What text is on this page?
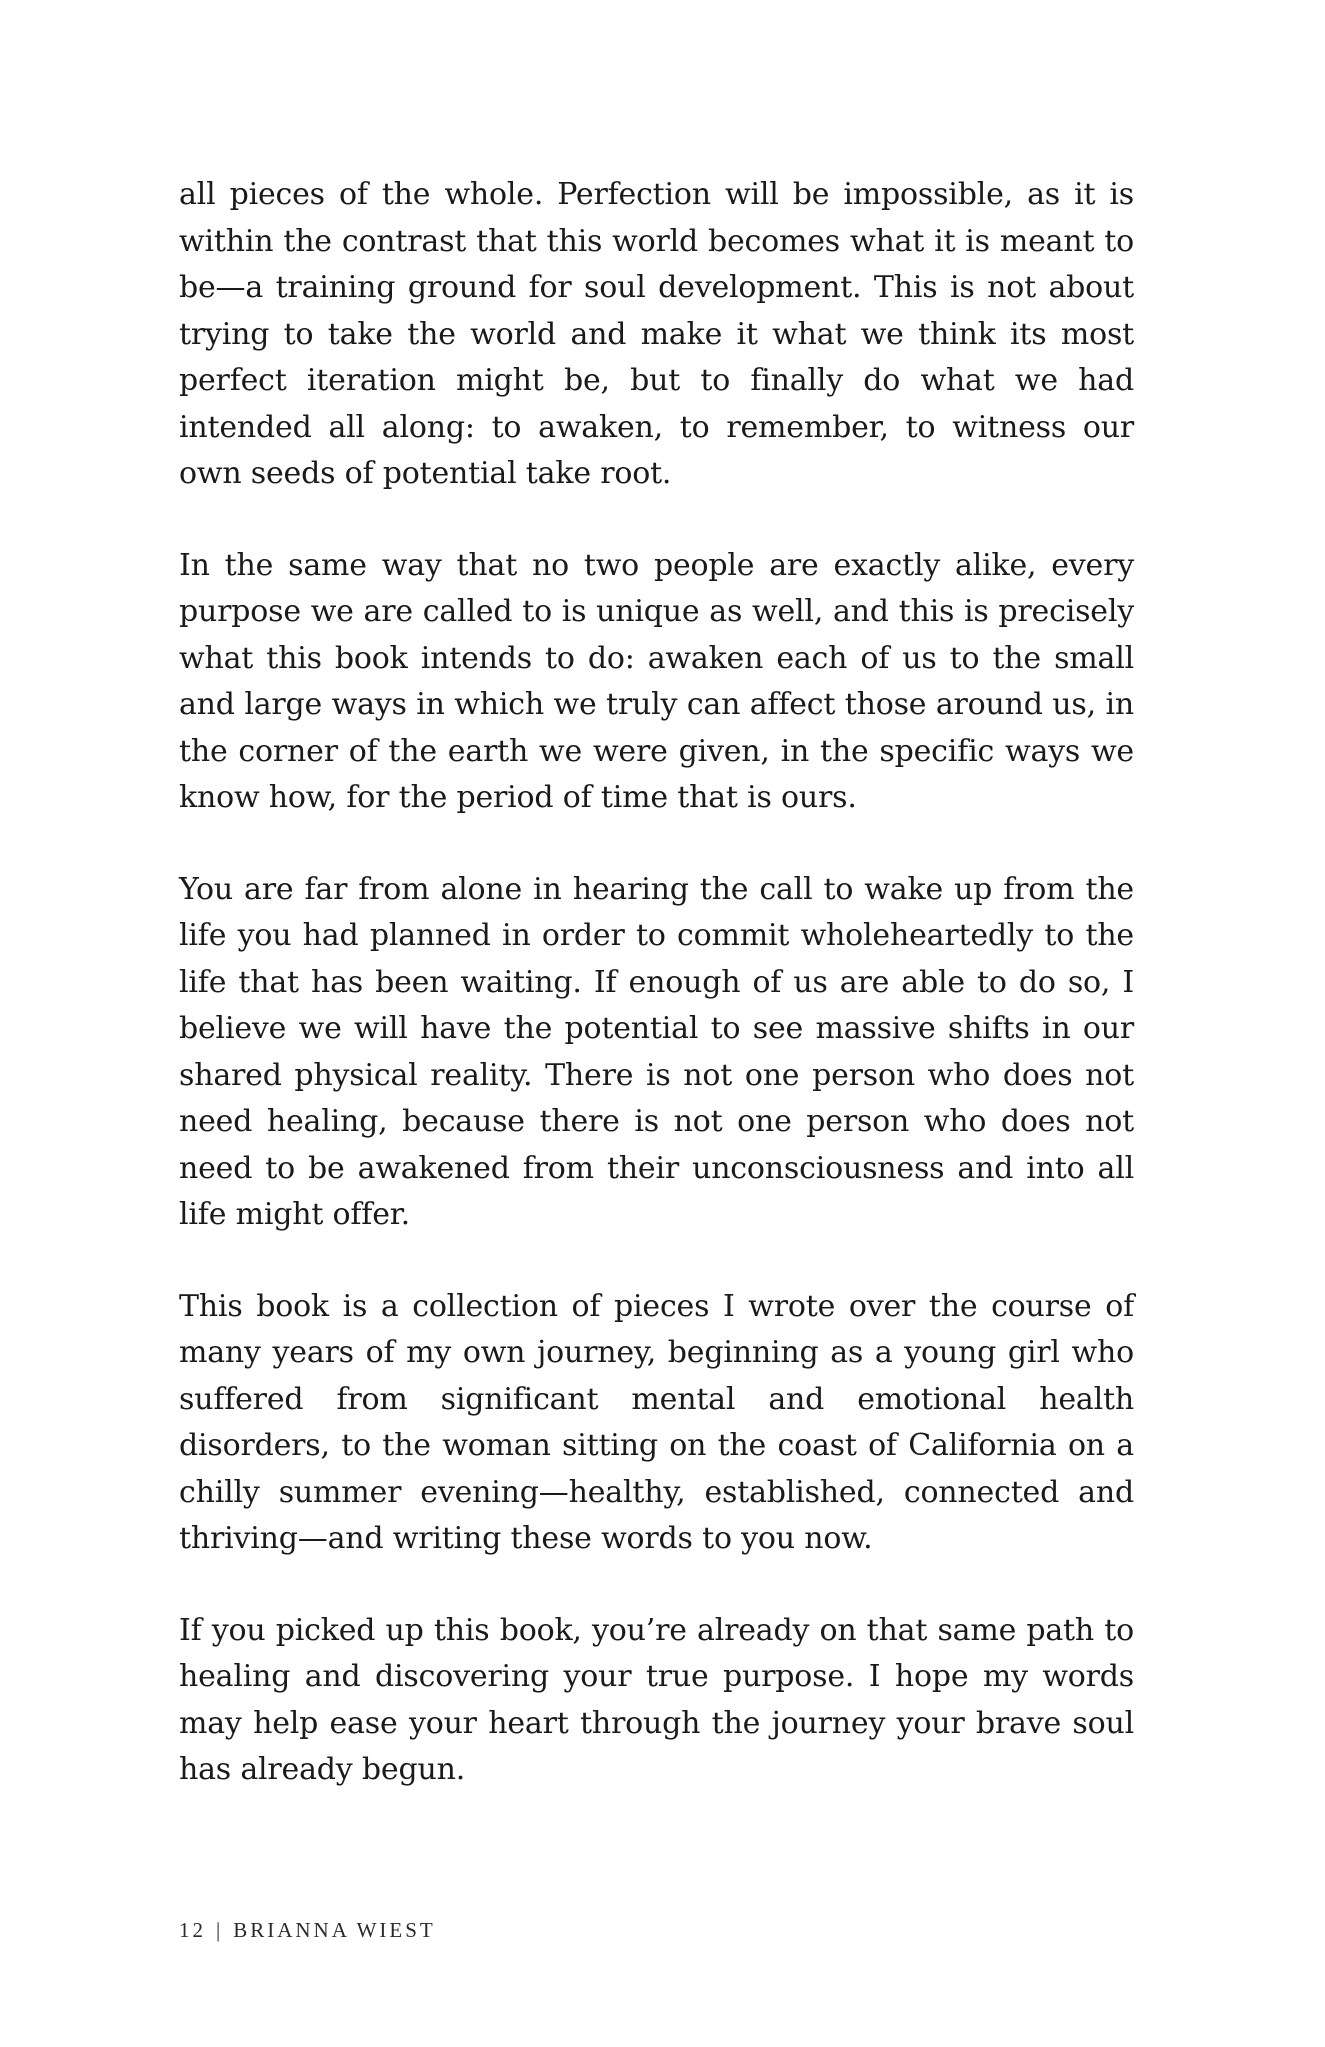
all pieces of the whole. Perfection will be impossible, as it is within the contrast that this world becomes what it is meant to be—a training ground for soul development. This is not about trying to take the world and make it what we think its most perfect iteration might be, but to finally do what we had intended all along: to awaken, to remember, to witness our own seeds of potential take root.

In the same way that no two people are exactly alike, every purpose we are called to is unique as well, and this is precisely what this book intends to do: awaken each of us to the small and large ways in which we truly can affect those around us, in the corner of the earth we were given, in the specific ways we know how, for the period of time that is ours.

You are far from alone in hearing the call to wake up from the life you had planned in order to commit wholeheartedly to the life that has been waiting. If enough of us are able to do so, I believe we will have the potential to see massive shifts in our shared physical reality. There is not one person who does not need healing, because there is not one person who does not need to be awakened from their unconsciousness and into all life might offer.

This book is a collection of pieces I wrote over the course of many years of my own journey, beginning as a young girl who suffered from significant mental and emotional health disorders, to the woman sitting on the coast of California on a chilly summer evening—healthy, established, connected and thriving—and writing these words to you now.

If you picked up this book, you’re already on that same path to healing and discovering your true purpose. I hope my words may help ease your heart through the journey your brave soul has already begun.

12 | BRIANNA WIEST
